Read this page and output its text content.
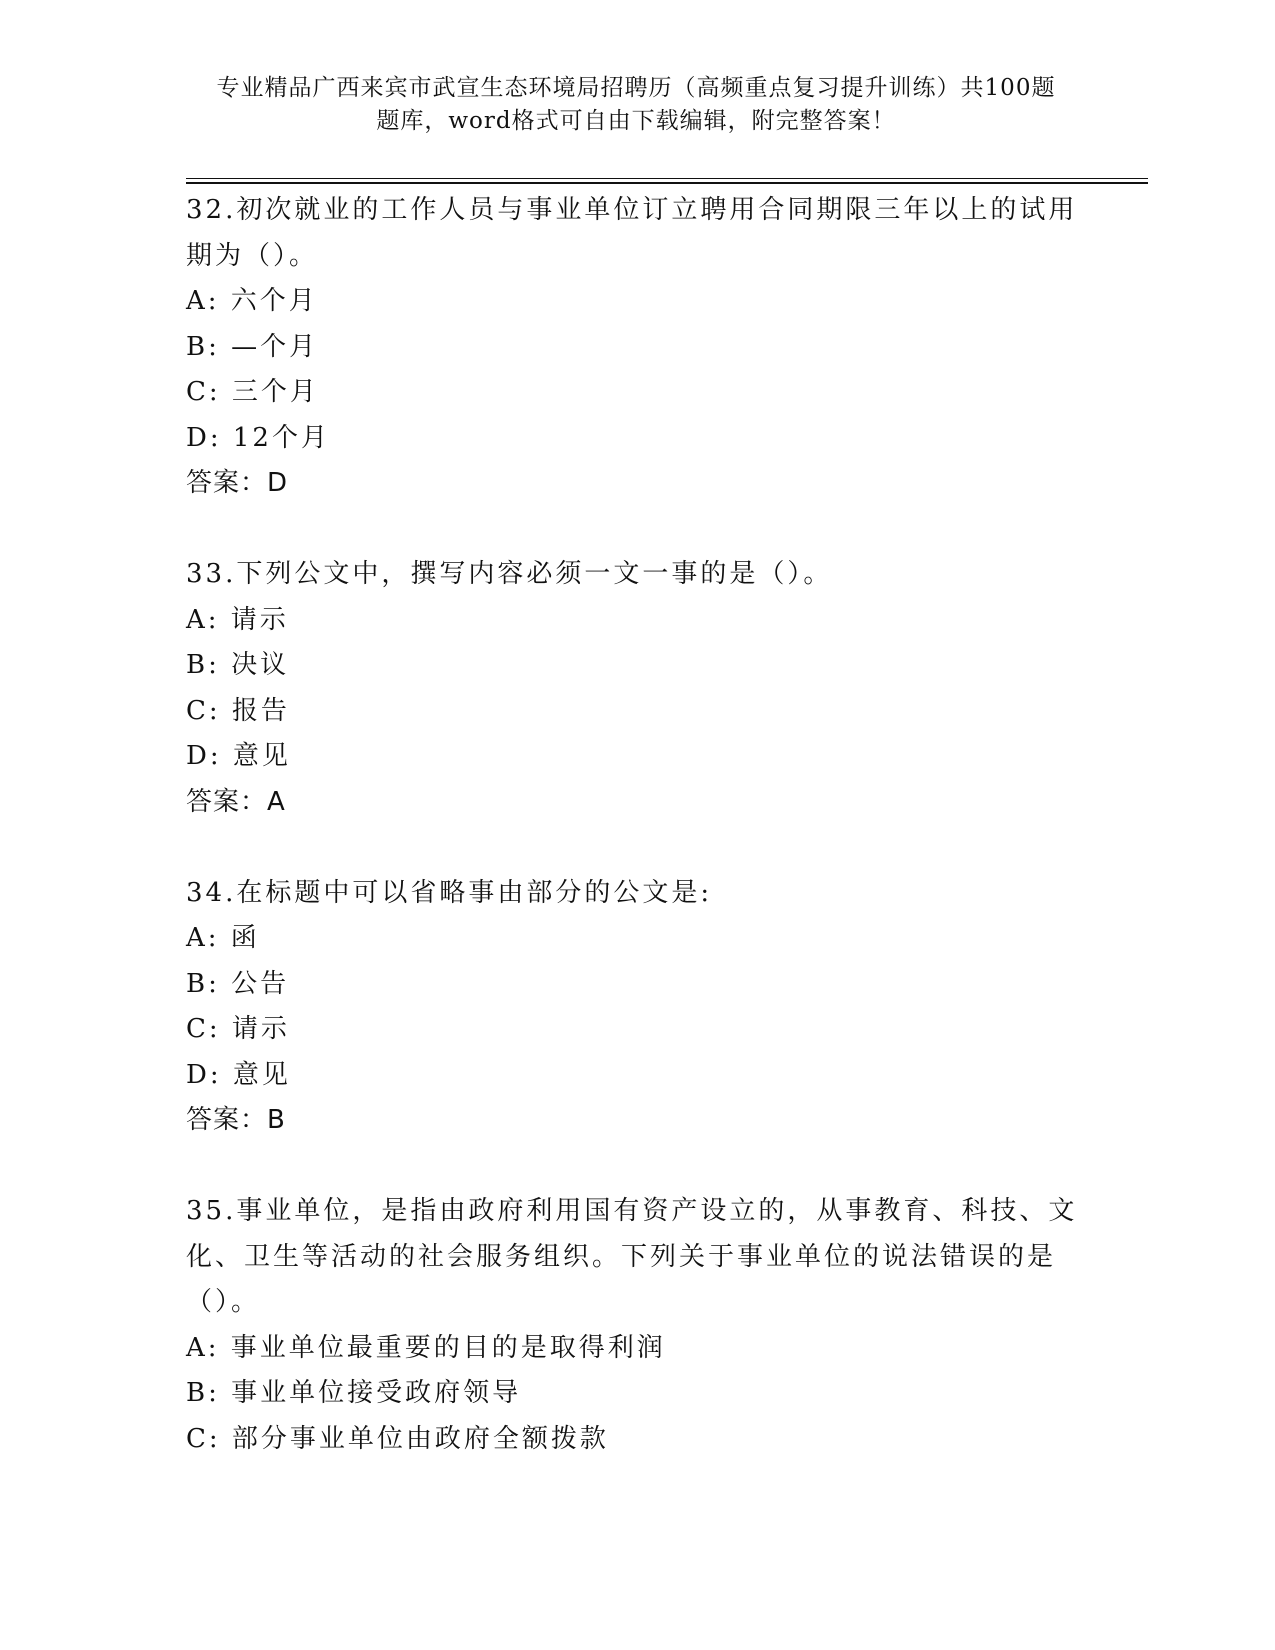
专业精品广西来宾市武宣生态环境局招聘历（高频重点复习提升训练）共100题
题库，word格式可自由下载编辑，附完整答案！
32.初次就业的工作人员与事业单位订立聘用合同期限三年以上的试用期为（）。
A: 六个月
B: —个月
C: 三个月
D: 12个月
答案：D
33.下列公文中，撰写内容必须一文一事的是（）。
A: 请示
B: 决议
C: 报告
D: 意见
答案：A
34.在标题中可以省略事由部分的公文是:
A: 函
B: 公告
C: 请示
D: 意见
答案：B
35.事业单位，是指由政府利用国有资产设立的，从事教育、科技、文化、卫生等活动的社会服务组织。下列关于事业单位的说法错误的是（）。
A: 事业单位最重要的目的是取得利润
B: 事业单位接受政府领导
C: 部分事业单位由政府全额拨款
